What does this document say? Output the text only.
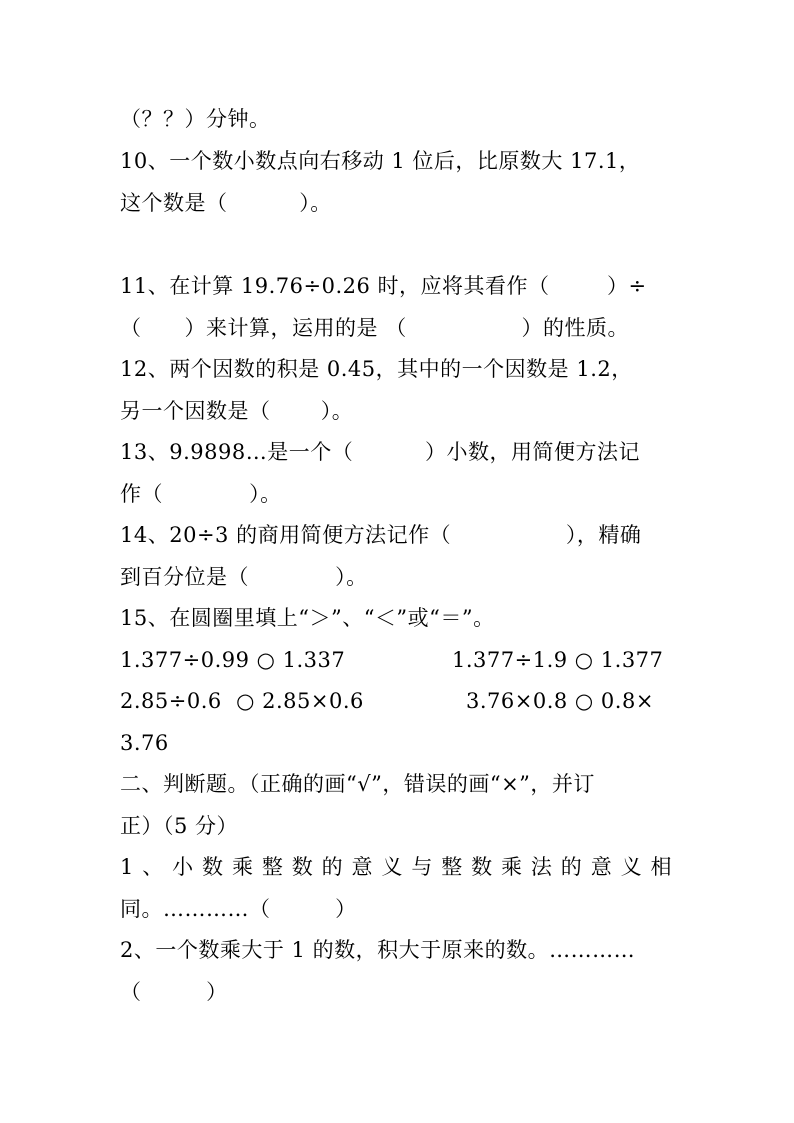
（？？）分钟。
10、一个数小数点向右移动 1 位后，比原数大 17.1，
这个数是（          ）。
11、在计算 19.76÷0.26 时，应将其看作（        ）÷
（      ）来计算，运用的是 （                ）的性质。
12、两个因数的积是 0.45，其中的一个因数是 1.2，
另一个因数是（       ）。
13、9.9898…是一个（          ）小数，用简便方法记
作（            ）。
14、20÷3 的商用简便方法记作（                ），精确
到百分位是（            ）。
15、在圆圈里填上“＞”、“＜”或“＝”。
1.377÷0.99 ○ 1.337	1.377÷1.9 ○ 1.377
2.85÷0.6  ○ 2.85×0.6	3.76×0.8 ○ 0.8×
3.76
二、判断题。（正确的画“√”，错误的画“×”，并订
正）（5 分）
1、小数乘整数的意义与整数乘法的意义相
同。…………（         ）
2、一个数乘大于 1 的数，积大于原来的数。…………
（         ）
